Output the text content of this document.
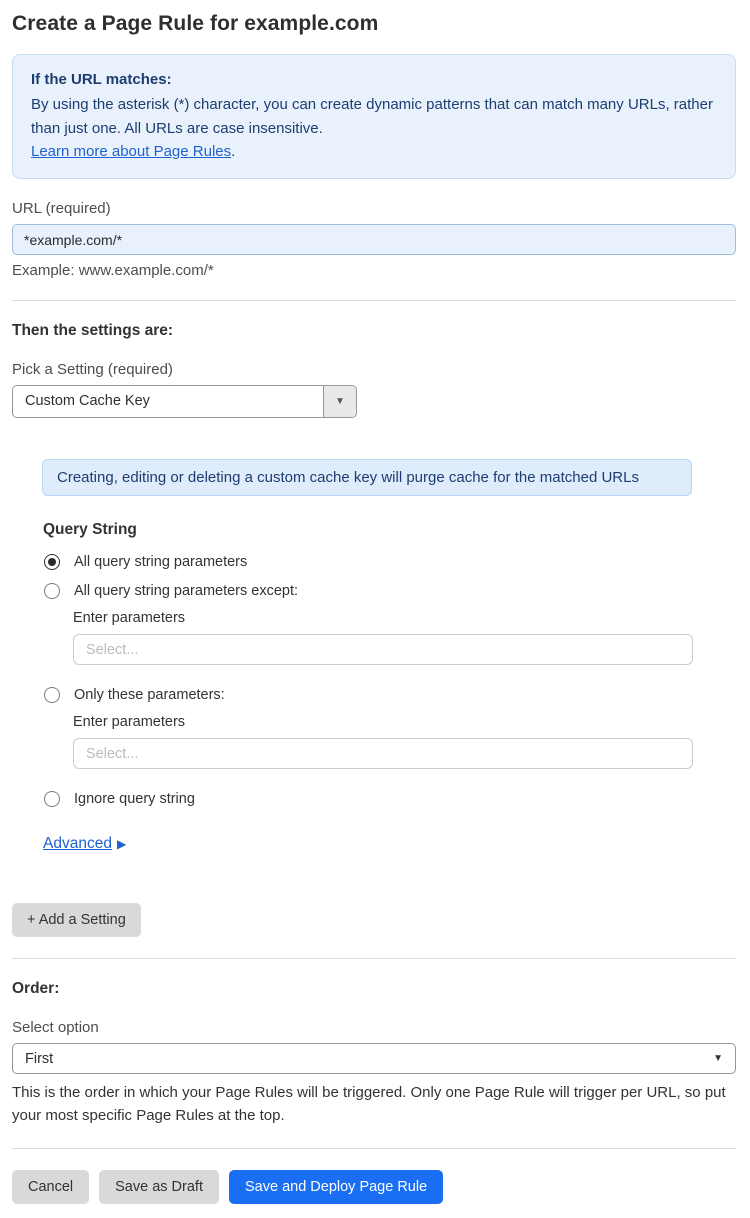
Create a Page Rule for example.com

If the URL matches:

By using the asterisk (*) character, you can create dynamic patterns that can match many URLs, rather than just one. All URLs are case insensitive.
Learn more about Page Rules.

URL (required)
*example.com/*
Example: www.example.com/*
Then the settings are:
Pick a Setting (required)
Custom Cache Key	▼
Creating, editing or deleting a custom cache key will purge cache for the matched URLs
Query String
All query string parameters
All query string parameters except:
Enter parameters
Select...
Only these parameters:
Enter parameters
Select...
Ignore query string
Advanced ▶
+ Add a Setting
Order:
Select option
First	▼
This is the order in which your Page Rules will be triggered. Only one Page Rule will trigger per URL, so put your most specific Page Rules at the top.
Cancel	Save as Draft	Save and Deploy Page Rule
